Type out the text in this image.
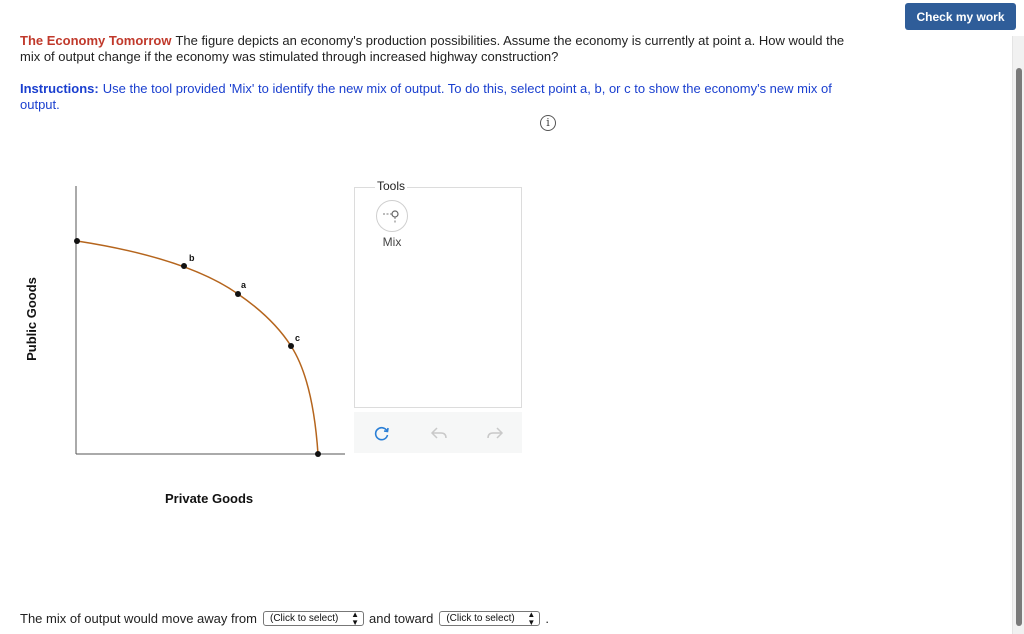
Check my work
The Economy Tomorrow The figure depicts an economy's production possibilities. Assume the economy is currently at point a. How would the mix of output change if the economy was stimulated through increased highway construction?
Instructions: Use the tool provided 'Mix' to identify the new mix of output. To do this, select point a, b, or c to show the economy's new mix of output.
i
b
a
c
Public Goods
Private Goods
Tools
Mix
The mix of output would move away from (Click to select) ▲
▼ and toward (Click to select) ▲
▼ .
